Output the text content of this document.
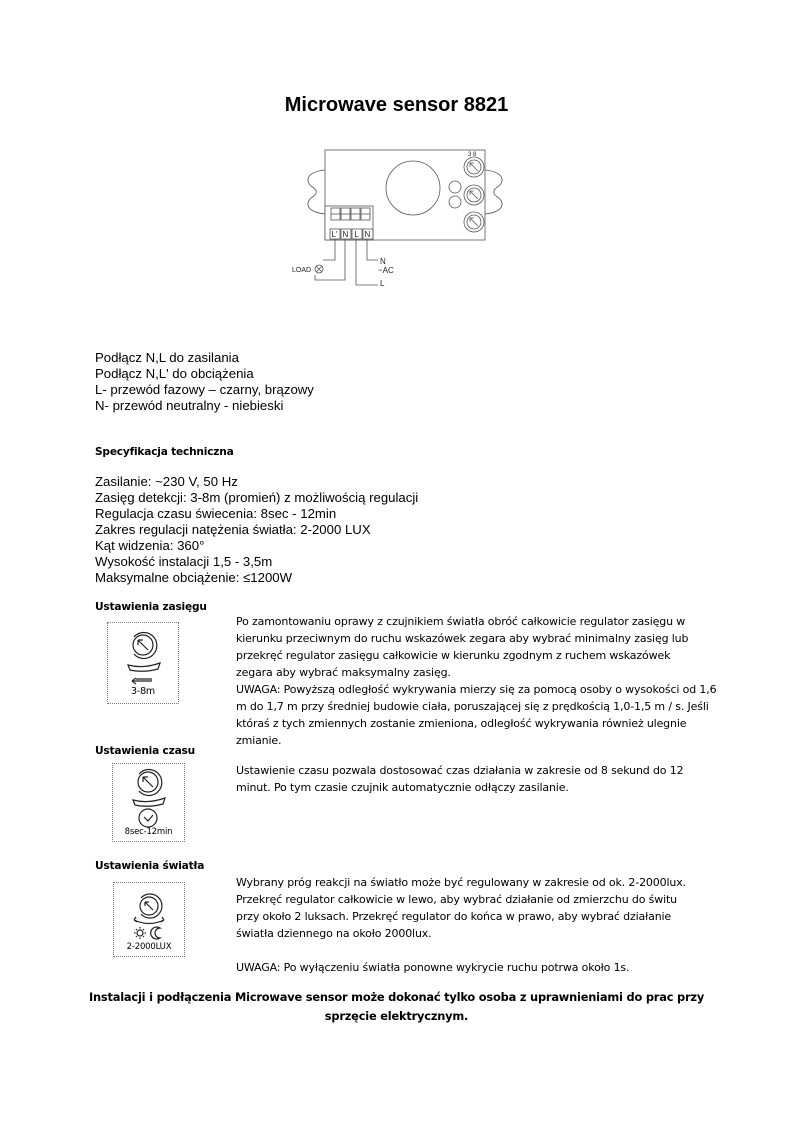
Microwave sensor 8821
L' N L N
LOAD
N
~AC
L
3 8
Podłącz N,L do zasilania
Podłącz N,L' do obciążenia
L- przewód fazowy – czarny, brązowy
N- przewód neutralny - niebieski
Specyfikacja techniczna
Zasilanie: ~230 V, 50 Hz
Zasięg detekcji: 3-8m (promień) z możliwością regulacji
Regulacja czasu świecenia: 8sec - 12min
Zakres regulacji natężenia światła: 2-2000 LUX
Kąt widzenia: 360°
Wysokość instalacji 1,5 - 3,5m
Maksymalne obciążenie: ≤1200W
Ustawienia zasięgu
3-8m
Po zamontowaniu oprawy z czujnikiem światła obróć całkowicie regulator zasięgu w
kierunku przeciwnym do ruchu wskazówek zegara aby wybrać minimalny zasięg lub
przekręć regulator zasięgu całkowicie w kierunku zgodnym z ruchem wskazówek
zegara aby wybrać maksymalny zasięg.
UWAGA: Powyższą odległość wykrywania mierzy się za pomocą osoby o wysokości od 1,6
m do 1,7 m przy średniej budowie ciała, poruszającej się z prędkością 1,0-1,5 m / s. Jeśli
któraś z tych zmiennych zostanie zmieniona, odległość wykrywania również ulegnie
zmianie.
Ustawienia czasu
8sec-12min
Ustawienie czasu pozwala dostosować czas działania w zakresie od 8 sekund do 12
minut. Po tym czasie czujnik automatycznie odłączy zasilanie.
Ustawienia światła
2-2000LUX
Wybrany próg reakcji na światło może być regulowany w zakresie od ok. 2-2000lux.
Przekręć regulator całkowicie w lewo, aby wybrać działanie od zmierzchu do świtu
przy około 2 luksach. Przekręć regulator do końca w prawo, aby wybrać działanie
światła dziennego na około 2000lux.
UWAGA: Po wyłączeniu światła ponowne wykrycie ruchu potrwa około 1s.
Instalacji i podłączenia Microwave sensor może dokonać tylko osoba z uprawnieniami do prac przy
sprzęcie elektrycznym.
